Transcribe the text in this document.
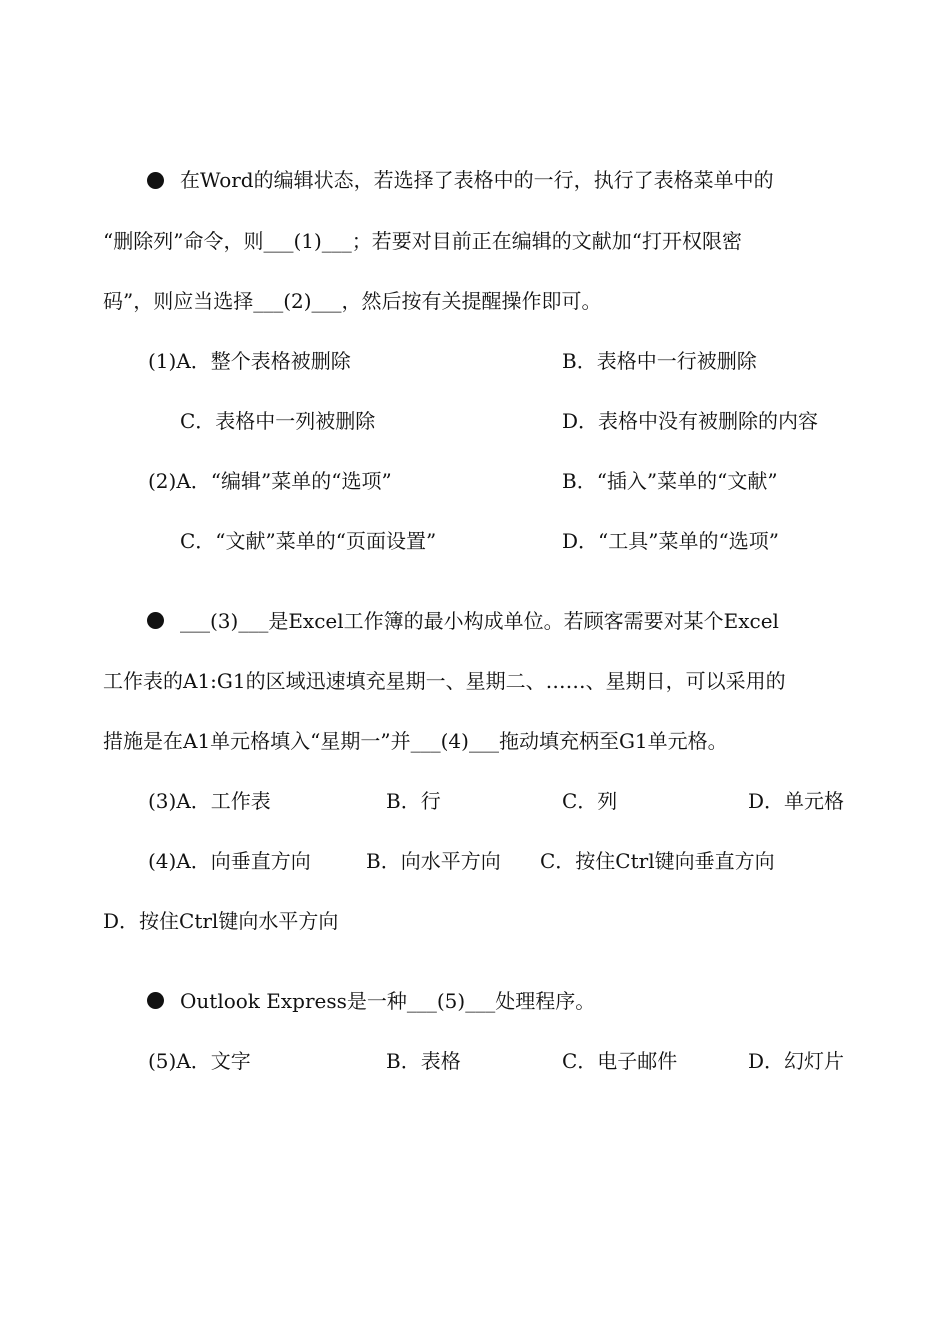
在Word的编辑状态，若选择了表格中的一行，执行了表格菜单中的
“删除列”命令，则___(1)___；若要对目前正在编辑的文献加“打开权限密
码”，则应当选择___(2)___，然后按有关提醒操作即可。
(1)A．整个表格被删除	B．表格中一行被删除
C．表格中一列被删除	D．表格中没有被删除的内容
(2)A．“编辑”菜单的“选项”	B．“插入”菜单的“文献”
C．“文献”菜单的“页面设置”	D．“工具”菜单的“选项”
___(3)___是Excel工作簿的最小构成单位。若顾客需要对某个Excel
工作表的A1:G1的区域迅速填充星期一、星期二、……、星期日，可以采用的
措施是在A1单元格填入“星期一”并___(4)___拖动填充柄至G1单元格。
(3)A．工作表	B．行	C．列	D．单元格
(4)A．向垂直方向	B．向水平方向 C．按住Ctrl键向垂直方向
D．按住Ctrl键向水平方向
Outlook Express是一种___(5)___处理程序。
(5)A．文字	B．表格	C．电子邮件	D．幻灯片
